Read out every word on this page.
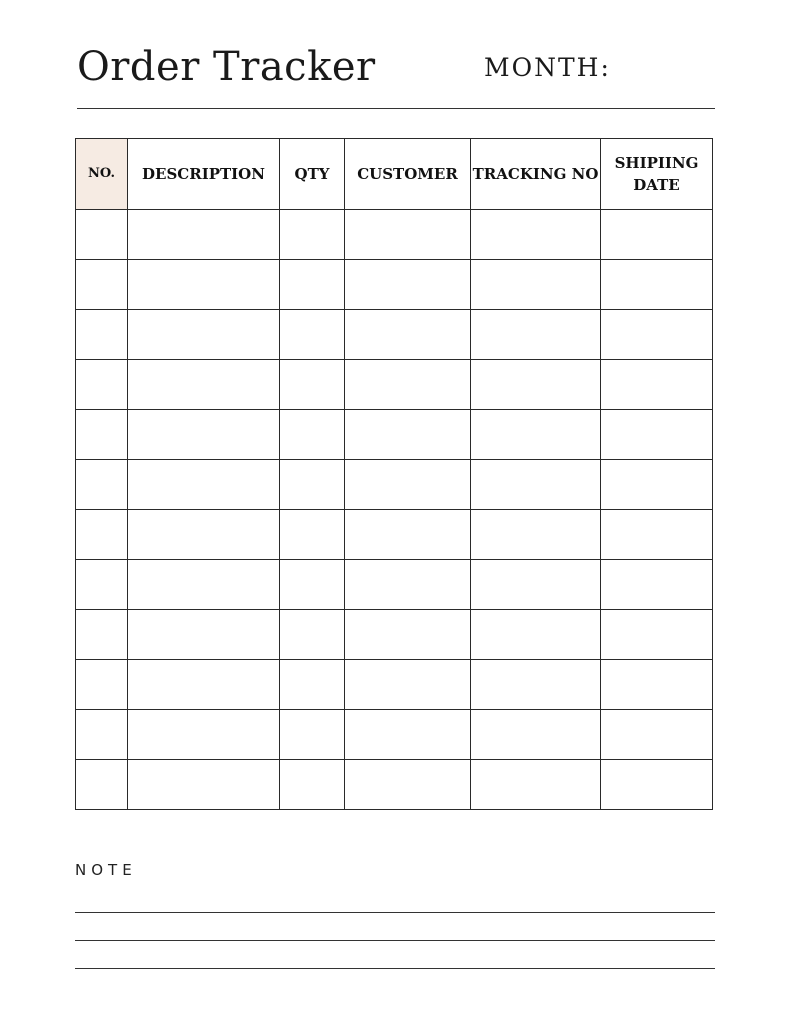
Order Tracker	MONTH:
NO.	DESCRIPTION	QTY	CUSTOMER	TRACKING NO	SHIPIING DATE

NOTE
